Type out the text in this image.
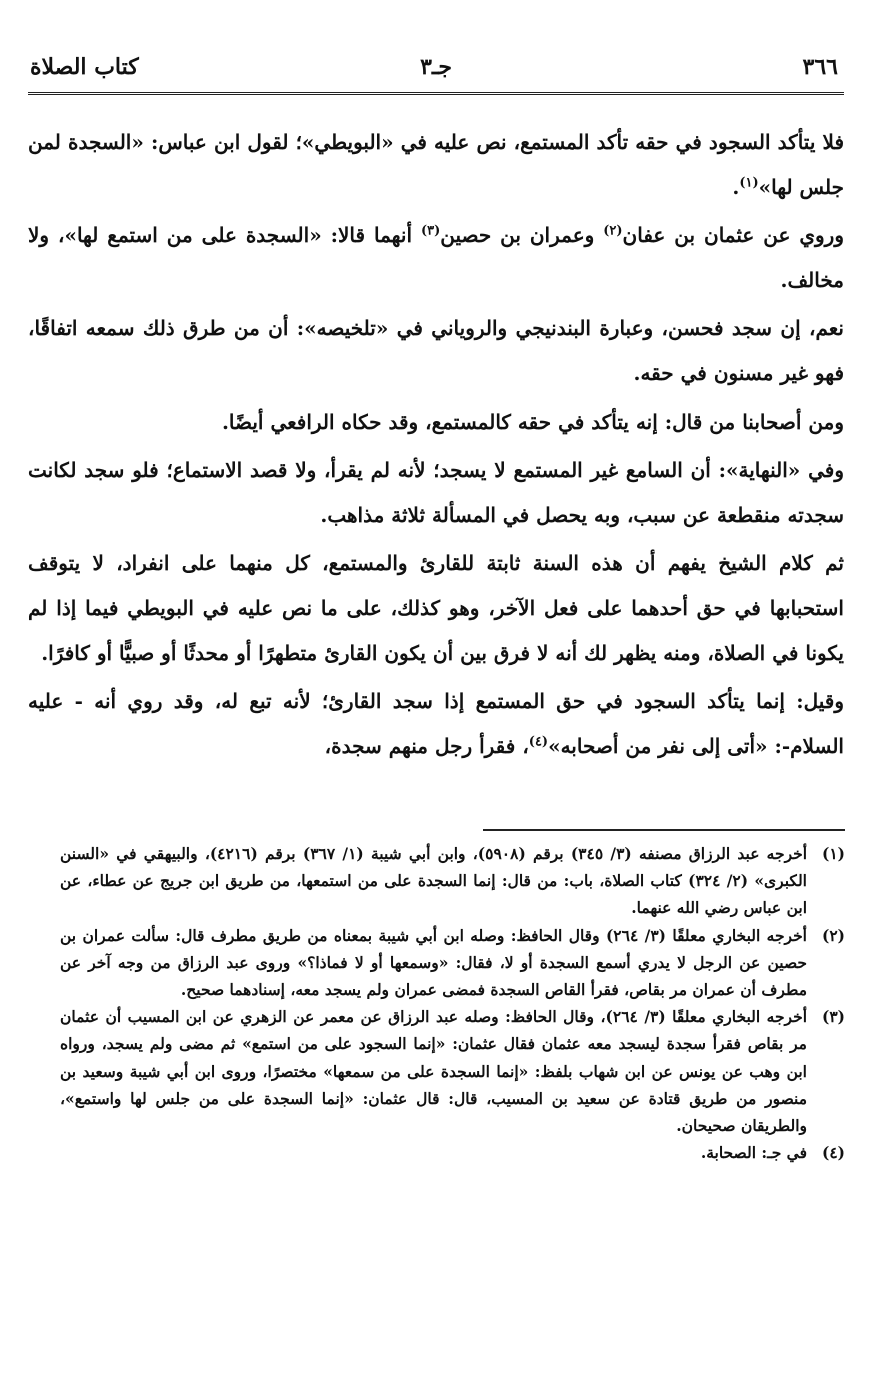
٣٦٦
جـ٣
كتاب الصلاة

فلا يتأكد السجود في حقه تأكد المستمع، نص عليه في «البويطي»؛ لقول ابن عباس: «السجدة لمن جلس لها»$^{(١)}$.

وروي عن عثمان بن عفان$^{(٢)}$ وعمران بن حصين$^{(٣)}$ أنهما قالا: «السجدة على من استمع لها»، ولا مخالف.

نعم، إن سجد فحسن، وعبارة البندنيجي والروياني في «تلخيصه»: أن من طرق ذلك سمعه اتفاقًا، فهو غير مسنون في حقه.

ومن أصحابنا من قال: إنه يتأكد في حقه كالمستمع، وقد حكاه الرافعي أيضًا.

وفي «النهاية»: أن السامع غير المستمع لا يسجد؛ لأنه لم يقرأ، ولا قصد الاستماع؛ فلو سجد لكانت سجدته منقطعة عن سبب، وبه يحصل في المسألة ثلاثة مذاهب.

ثم كلام الشيخ يفهم أن هذه السنة ثابتة للقارئ والمستمع، كل منهما على انفراد، لا يتوقف استحبابها في حق أحدهما على فعل الآخر، وهو كذلك، على ما نص عليه في البويطي فيما إذا لم يكونا في الصلاة، ومنه يظهر لك أنه لا فرق بين أن يكون القارئ متطهرًا أو محدثًا أو صبيًّا أو كافرًا.

وقيل: إنما يتأكد السجود في حق المستمع إذا سجد القارئ؛ لأنه تبع له، وقد روي أنه - عليه السلام-: «أتى إلى نفر من أصحابه»$^{(٤)}$، فقرأ رجل منهم سجدة،

(١)

أخرجه عبد الرزاق مصنفه (٣/ ٣٤٥) برقم (٥٩٠٨)، وابن أبي شيبة (١/ ٣٦٧) برقم (٤٢١٦)، والبيهقي في «السنن الكبرى» (٢/ ٣٢٤) كتاب الصلاة، باب: من قال: إنما السجدة على من استمعها، من طريق ابن جريج عن عطاء، عن ابن عباس رضي الله عنهما.

(٢)

أخرجه البخاري معلقًا (٣/ ٢٦٤) وقال الحافظ: وصله ابن أبي شيبة بمعناه من طريق مطرف قال: سألت عمران بن حصين عن الرجل لا يدري أسمع السجدة أو لا، فقال: «وسمعها أو لا فماذا؟» وروى عبد الرزاق من وجه آخر عن مطرف أن عمران مر بقاص، فقرأ القاص السجدة فمضى عمران ولم يسجد معه، إسنادهما صحيح.

(٣)

أخرجه البخاري معلقًا (٣/ ٢٦٤)، وقال الحافظ: وصله عبد الرزاق عن معمر عن الزهري عن ابن المسيب أن عثمان مر بقاص فقرأ سجدة ليسجد معه عثمان فقال عثمان: «إنما السجود على من استمع» ثم مضى ولم يسجد، ورواه ابن وهب عن يونس عن ابن شهاب بلفظ: «إنما السجدة على من سمعها» مختصرًا، وروى ابن أبي شيبة وسعيد بن منصور من طريق قتادة عن سعيد بن المسيب، قال: قال عثمان: «إنما السجدة على من جلس لها واستمع»، والطريقان صحيحان.

(٤)

في جـ: الصحابة.
